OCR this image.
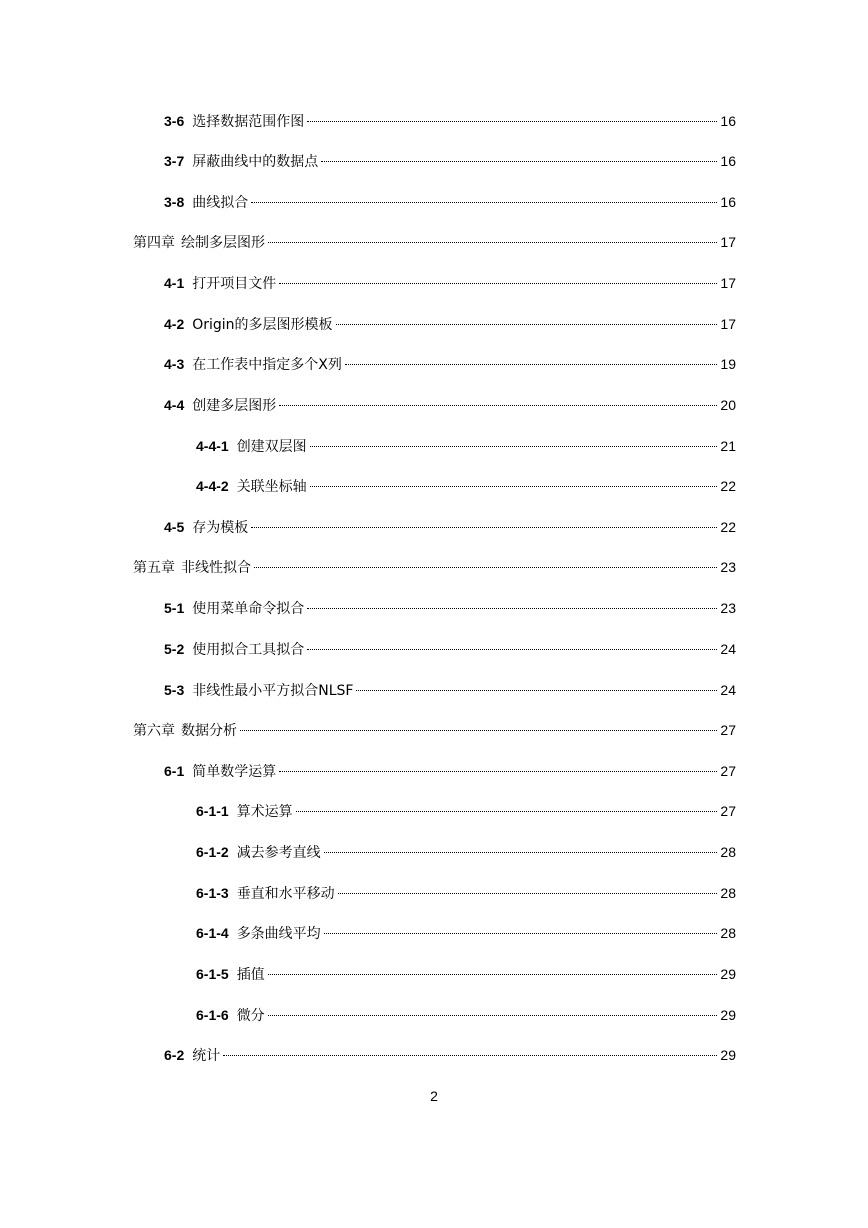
3-6 选择数据范围作图	16
3-7 屏蔽曲线中的数据点	16
3-8 曲线拟合	16
第四章 绘制多层图形	17
4-1 打开项目文件	17
4-2 Origin的多层图形模板	17
4-3 在工作表中指定多个X列	19
4-4 创建多层图形	20
4-4-1 创建双层图	21
4-4-2 关联坐标轴	22
4-5 存为模板	22
第五章 非线性拟合	23
5-1 使用菜单命令拟合	23
5-2 使用拟合工具拟合	24
5-3 非线性最小平方拟合NLSF	24
第六章 数据分析	27
6-1 简单数学运算	27
6-1-1 算术运算	27
6-1-2 减去参考直线	28
6-1-3 垂直和水平移动	28
6-1-4 多条曲线平均	28
6-1-5 插值	29
6-1-6 微分	29
6-2 统计	29
2
